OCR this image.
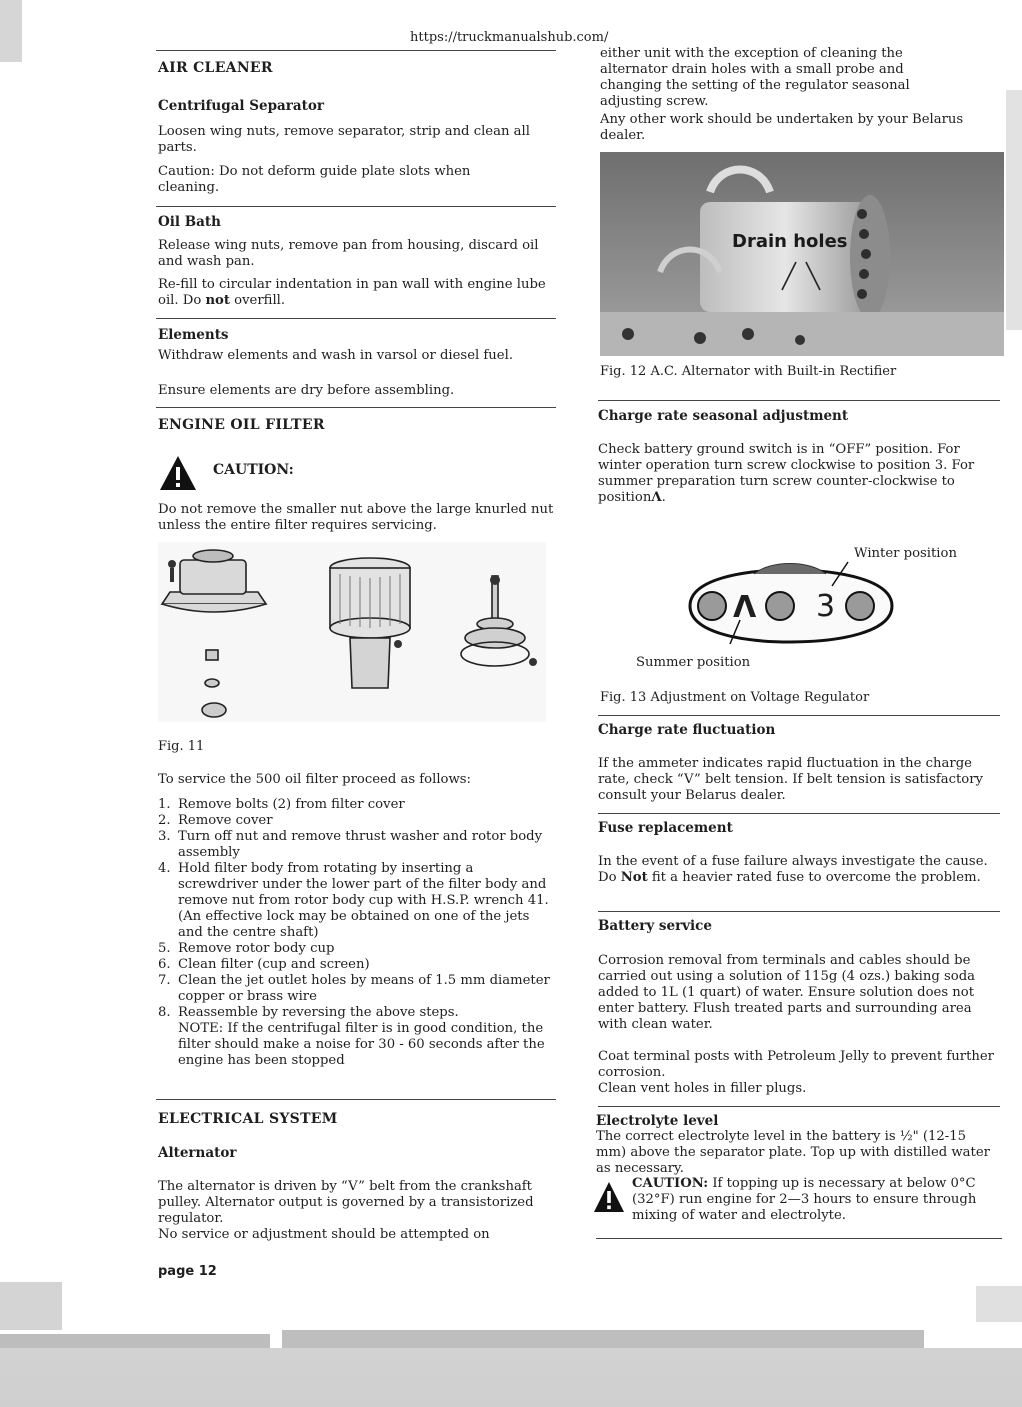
https://truckmanualshub.com/
AIR CLEANER
Centrifugal Separator

Loosen wing nuts, remove separator, strip and clean all parts.

Caution: Do not deform guide plate slots when cleaning.

Oil Bath

Release wing nuts, remove pan from housing, discard oil and wash pan.

Re-fill to circular indentation in pan wall with engine lube oil. Do not overfill.

Elements

Withdraw elements and wash in varsol or diesel fuel.

Ensure elements are dry before assembling.

ENGINE OIL FILTER
CAUTION:

Do not remove the smaller nut above the large knurled nut unless the entire filter requires servicing.

Fig. 11

To service the 500 oil filter proceed as follows:

1. Remove bolts (2) from filter cover
2. Remove cover
3. Turn off nut and remove thrust washer and rotor body assembly
4. Hold filter body from rotating by inserting a screwdriver under the lower part of the filter body and remove nut from rotor body cup with H.S.P. wrench 41. (An effective lock may be obtained on one of the jets and the centre shaft)
5. Remove rotor body cup
6. Clean filter (cup and screen)
7. Clean the jet outlet holes by means of 1.5 mm diameter copper or brass wire
8. Reassemble by reversing the above steps.
NOTE: If the centrifugal filter is in good condition, the filter should make a noise for 30 - 60 seconds after the engine has been stopped
ELECTRICAL SYSTEM
Alternator

The alternator is driven by “V” belt from the crankshaft pulley. Alternator output is governed by a transistorized regulator.

No service or adjustment should be attempted on

page 12

either unit with the exception of cleaning the alternator drain holes with a small probe and changing the setting of the regulator seasonal adjusting screw.

Any other work should be undertaken by your Belarus dealer.

Drain holes
Fig. 12 A.C. Alternator with Built-in Rectifier
Charge rate seasonal adjustment

Check battery ground switch is in “OFF” position. For winter operation turn screw clockwise to position 3. For summer preparation turn screw counter-clockwise to positionΛ.

Winter position
Λ 3
Summer position
Fig. 13 Adjustment on Voltage Regulator
Charge rate fluctuation

If the ammeter indicates rapid fluctuation in the charge rate, check “V” belt tension. If belt tension is satisfactory consult your Belarus dealer.

Fuse replacement

In the event of a fuse failure always investigate the cause. Do Not fit a heavier rated fuse to overcome the problem.

Battery service

Corrosion removal from terminals and cables should be carried out using a solution of 115g (4 ozs.) baking soda added to 1L (1 quart) of water. Ensure solution does not enter battery. Flush treated parts and surrounding area with clean water.

Coat terminal posts with Petroleum Jelly to prevent further corrosion.

Clean vent holes in filler plugs.

Electrolyte level

The correct electrolyte level in the battery is ½" (12-15 mm) above the separator plate. Top up with distilled water as necessary.

CAUTION: If topping up is necessary at below 0°C (32°F) run engine for 2—3 hours to ensure through mixing of water and electrolyte.
